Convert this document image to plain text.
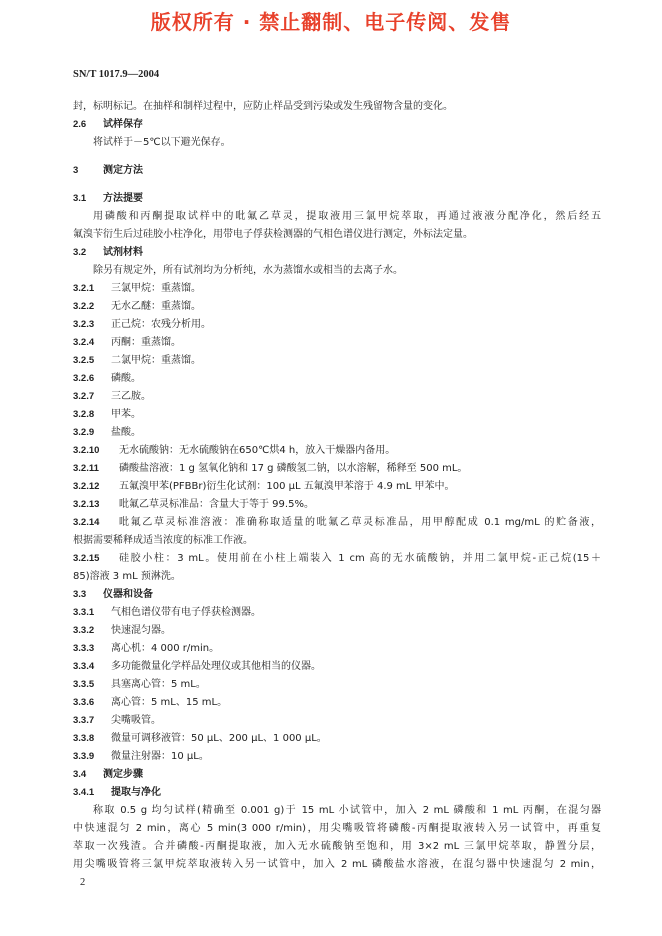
版权所有 · 禁止翻制、电子传阅、发售
SN/T 1017.9—2004
封，标明标记。在抽样和制样过程中，应防止样品受到污染或发生残留物含量的变化。
2.6 试样保存
将试样于－5℃以下避光保存。
3 测定方法
3.1 方法提要
用磷酸和丙酮提取试样中的吡氟乙草灵，提取液用三氯甲烷萃取，再通过液液分配净化，然后经五
氟溴苄衍生后过硅胶小柱净化，用带电子俘获检测器的气相色谱仪进行测定，外标法定量。
3.2 试剂材料
除另有规定外，所有试剂均为分析纯，水为蒸馏水或相当的去离子水。
3.2.1 三氯甲烷：重蒸馏。
3.2.2 无水乙醚：重蒸馏。
3.2.3 正己烷：农残分析用。
3.2.4 丙酮：重蒸馏。
3.2.5 二氯甲烷：重蒸馏。
3.2.6 磷酸。
3.2.7 三乙胺。
3.2.8 甲苯。
3.2.9 盐酸。
3.2.10 无水硫酸钠：无水硫酸钠在650℃烘4 h，放入干燥器内备用。
3.2.11 磷酸盐溶液：1 g 氢氧化钠和 17 g 磷酸氢二钠，以水溶解，稀释至 500 mL。
3.2.12 五氟溴甲苯(PFBBr)衍生化试剂：100 μL 五氟溴甲苯溶于 4.9 mL 甲苯中。
3.2.13 吡氟乙草灵标准品：含量大于等于 99.5%。
3.2.14	吡氟乙草灵标准溶液：准确称取适量的吡氟乙草灵标准品，用甲醇配成 0.1 mg/mL 的贮备液，
根据需要稀释成适当浓度的标准工作液。
3.2.15	硅胶小柱：3 mL。使用前在小柱上端装入 1 cm 高的无水硫酸钠，并用二氯甲烷-正己烷(15＋
85)溶液 3 mL 预淋洗。
3.3 仪器和设备
3.3.1 气相色谱仪带有电子俘获检测器。
3.3.2 快速混匀器。
3.3.3 离心机：4 000 r/min。
3.3.4 多功能微量化学样品处理仪或其他相当的仪器。
3.3.5 具塞离心管：5 mL。
3.3.6 离心管：5 mL、15 mL。
3.3.7 尖嘴吸管。
3.3.8 微量可调移液管：50 μL、200 μL、1 000 μL。
3.3.9 微量注射器：10 μL。
3.4 测定步骤
3.4.1 提取与净化
称取 0.5 g 均匀试样(精确至 0.001 g)于 15 mL 小试管中，加入 2 mL 磷酸和 1 mL 丙酮，在混匀器
中快速混匀 2 min，离心 5 min(3 000 r/min)，用尖嘴吸管将磷酸-丙酮提取液转入另一试管中，再重复
萃取一次残渣。合并磷酸-丙酮提取液，加入无水硫酸钠至饱和，用 3×2 mL 三氯甲烷萃取，静置分层，
用尖嘴吸管将三氯甲烷萃取液转入另一试管中，加入 2 mL 磷酸盐水溶液，在混匀器中快速混匀 2 min，
2
